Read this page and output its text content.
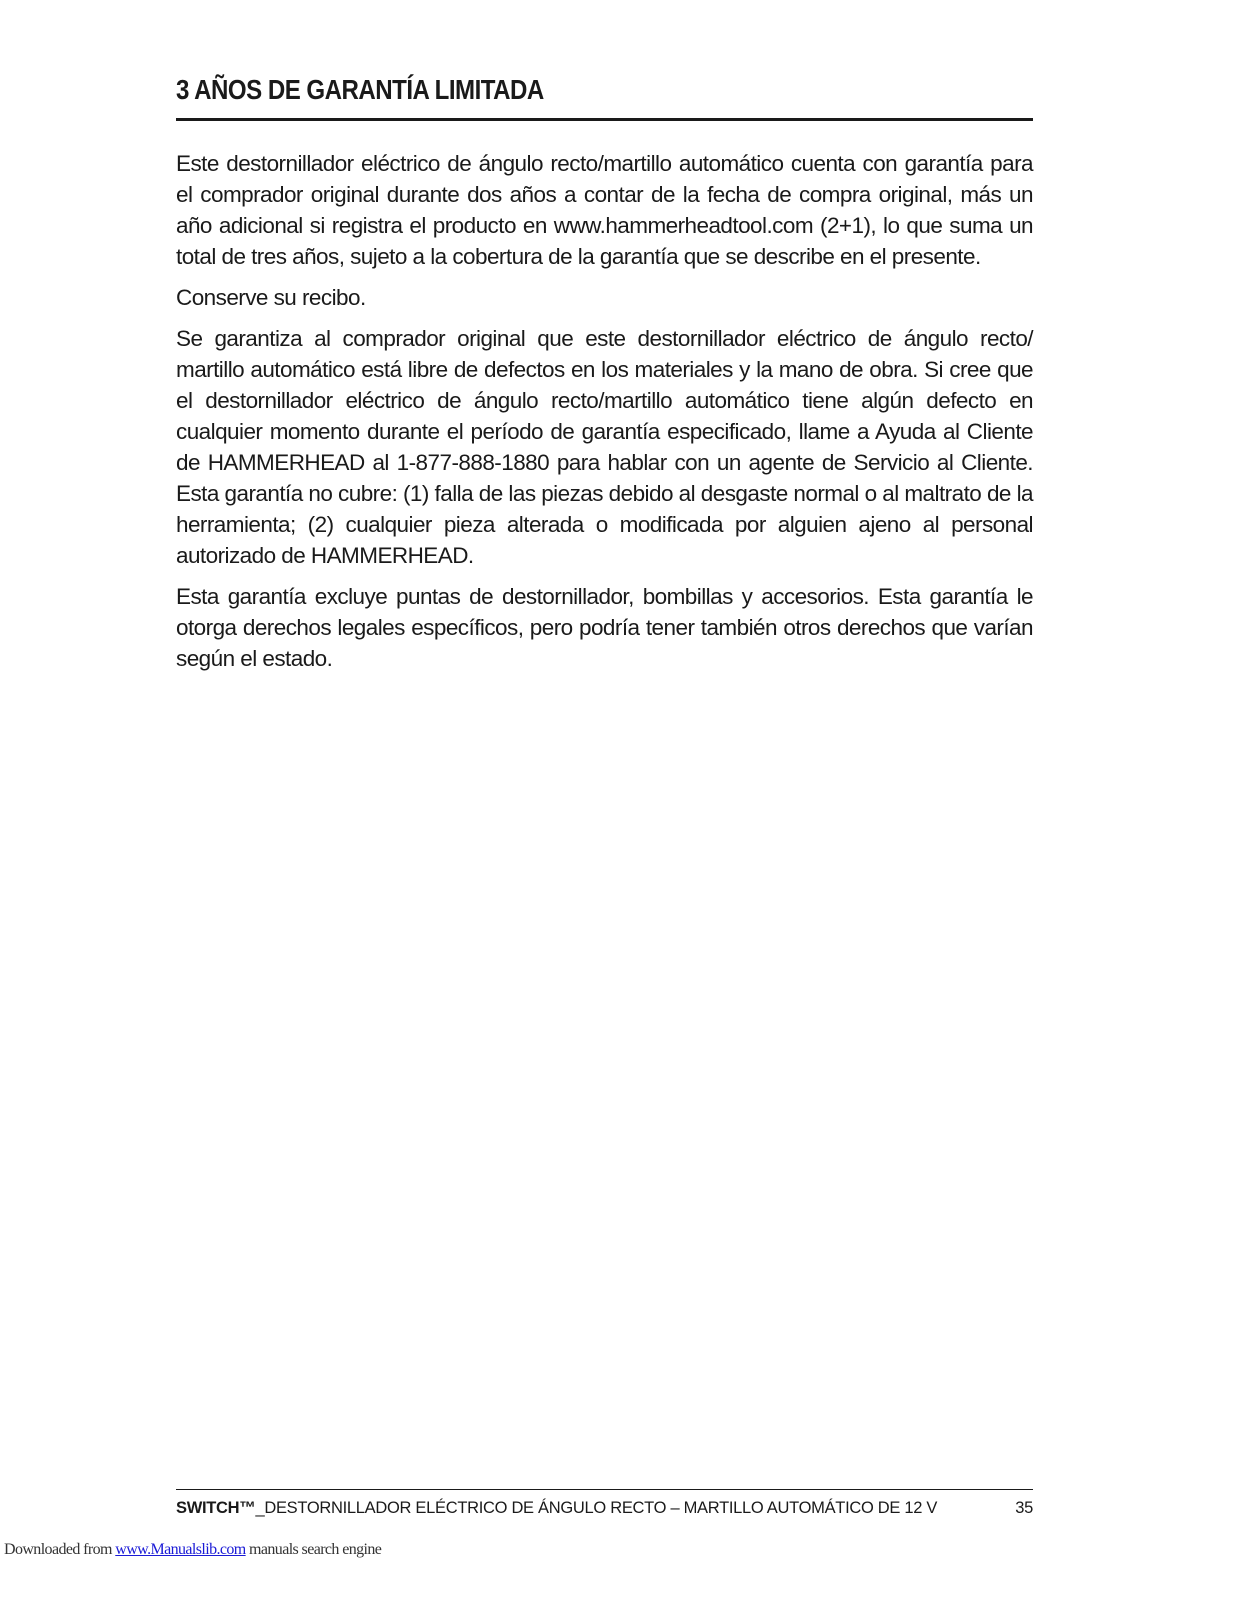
3 AÑOS DE GARANTÍA LIMITADA

Este destornillador eléctrico de ángulo recto/martillo automático cuenta con garantía para el comprador original durante dos años a contar de la fecha de compra original, más un año adicional si registra el producto en www.hammerheadtool.com (2+1), lo que suma un total de tres años, sujeto a la cobertura de la garantía que se describe en el presente.

Conserve su recibo.

Se garantiza al comprador original que este destornillador eléctrico de ángulo recto/ martillo automático está libre de defectos en los materiales y la mano de obra. Si cree que el destornillador eléctrico de ángulo recto/martillo automático tiene algún defecto en cualquier momento durante el período de garantía especificado, llame a Ayuda al Cliente de HAMMERHEAD al 1-877-888-1880 para hablar con un agente de Servicio al Cliente. Esta garantía no cubre: (1) falla de las piezas debido al desgaste normal o al maltrato de la herramienta; (2) cualquier pieza alterada o modificada por alguien ajeno al personal autorizado de HAMMERHEAD.

Esta garantía excluye puntas de destornillador, bombillas y accesorios. Esta garantía le otorga derechos legales específicos, pero podría tener también otros derechos que varían según el estado.

SWITCH™_DESTORNILLADOR ELÉCTRICO DE ÁNGULO RECTO – MARTILLO AUTOMÁTICO DE 12 V	35
Downloaded from www.Manualslib.com manuals search engine
